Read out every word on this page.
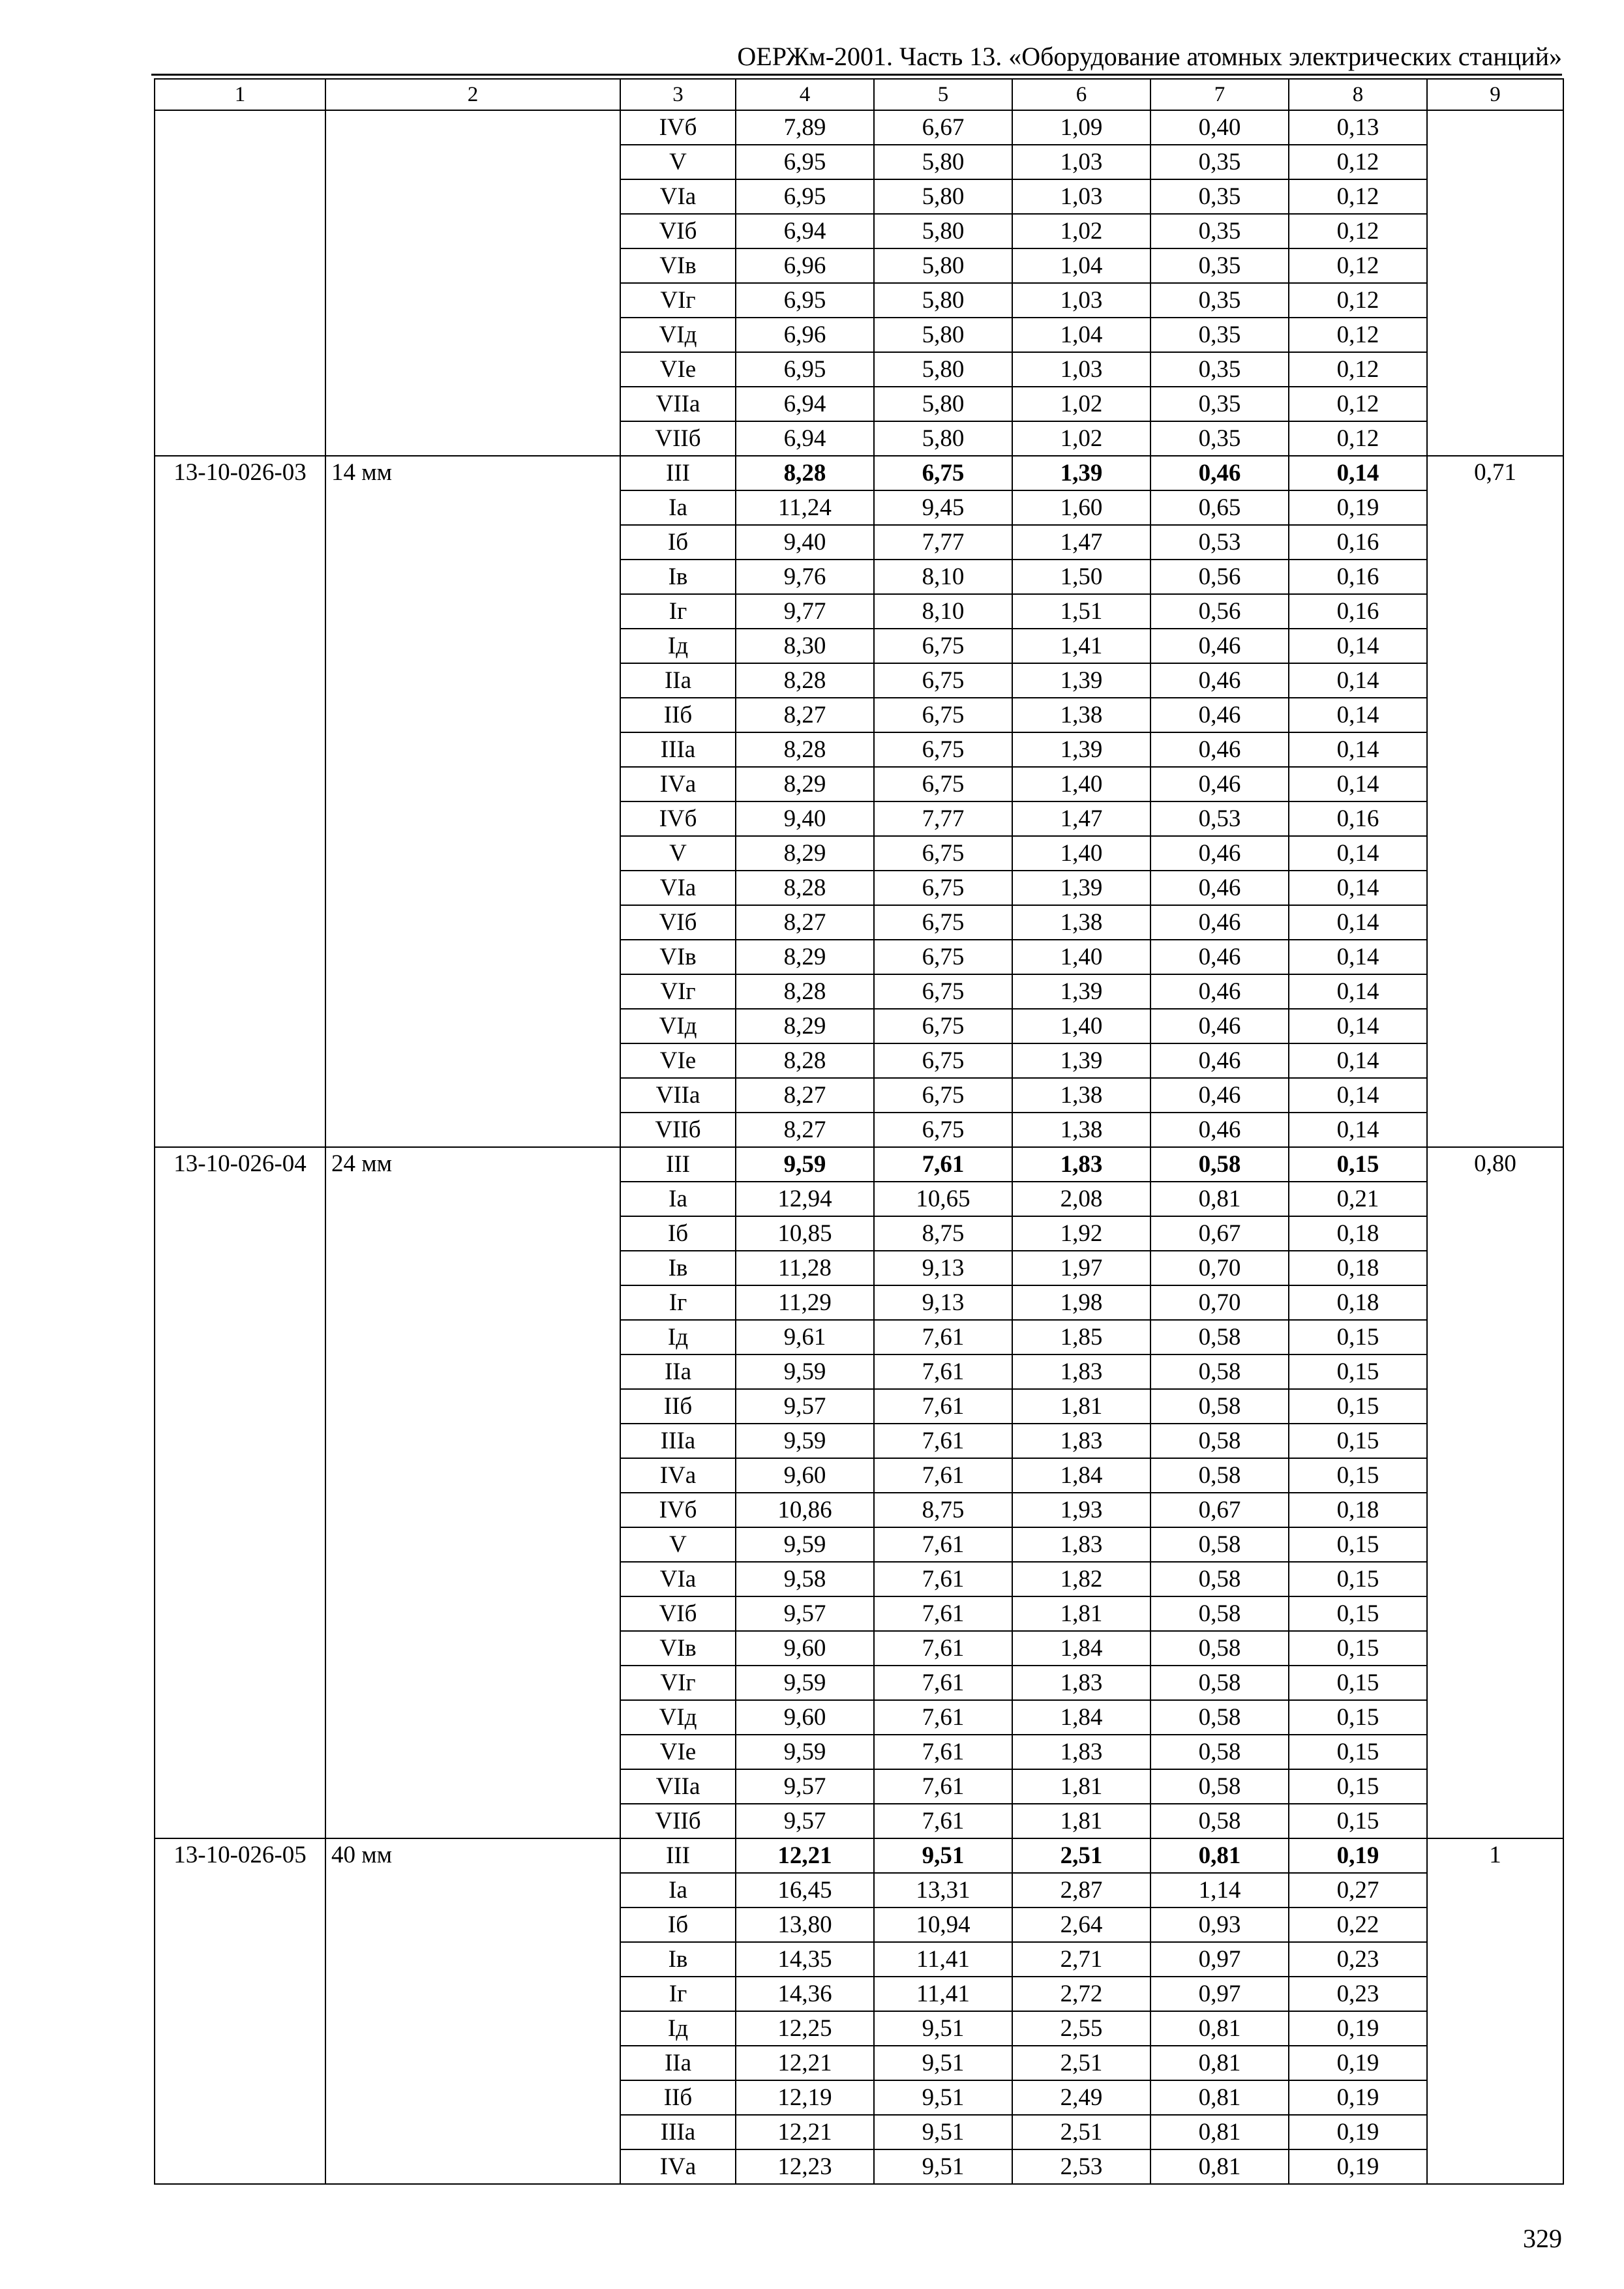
ОЕРЖм-2001. Часть 13. «Оборудование атомных электрических станций»
1	2	3	4	5	6	7	8	9
		IVб	7,89	6,67	1,09	0,40	0,13	
		V	6,95	5,80	1,03	0,35	0,12	
		VIа	6,95	5,80	1,03	0,35	0,12	
		VIб	6,94	5,80	1,02	0,35	0,12	
		VIв	6,96	5,80	1,04	0,35	0,12	
		VIг	6,95	5,80	1,03	0,35	0,12	
		VIд	6,96	5,80	1,04	0,35	0,12	
		VIе	6,95	5,80	1,03	0,35	0,12	
		VIIа	6,94	5,80	1,02	0,35	0,12	
		VIIб	6,94	5,80	1,02	0,35	0,12	
13-10-026-03	14 мм	III	8,28	6,75	1,39	0,46	0,14	0,71
		Iа	11,24	9,45	1,60	0,65	0,19	
		Iб	9,40	7,77	1,47	0,53	0,16	
		Iв	9,76	8,10	1,50	0,56	0,16	
		Iг	9,77	8,10	1,51	0,56	0,16	
		Iд	8,30	6,75	1,41	0,46	0,14	
		IIа	8,28	6,75	1,39	0,46	0,14	
		IIб	8,27	6,75	1,38	0,46	0,14	
		IIIа	8,28	6,75	1,39	0,46	0,14	
		IVа	8,29	6,75	1,40	0,46	0,14	
		IVб	9,40	7,77	1,47	0,53	0,16	
		V	8,29	6,75	1,40	0,46	0,14	
		VIа	8,28	6,75	1,39	0,46	0,14	
		VIб	8,27	6,75	1,38	0,46	0,14	
		VIв	8,29	6,75	1,40	0,46	0,14	
		VIг	8,28	6,75	1,39	0,46	0,14	
		VIд	8,29	6,75	1,40	0,46	0,14	
		VIе	8,28	6,75	1,39	0,46	0,14	
		VIIа	8,27	6,75	1,38	0,46	0,14	
		VIIб	8,27	6,75	1,38	0,46	0,14	
13-10-026-04	24 мм	III	9,59	7,61	1,83	0,58	0,15	0,80
		Iа	12,94	10,65	2,08	0,81	0,21	
		Iб	10,85	8,75	1,92	0,67	0,18	
		Iв	11,28	9,13	1,97	0,70	0,18	
		Iг	11,29	9,13	1,98	0,70	0,18	
		Iд	9,61	7,61	1,85	0,58	0,15	
		IIа	9,59	7,61	1,83	0,58	0,15	
		IIб	9,57	7,61	1,81	0,58	0,15	
		IIIа	9,59	7,61	1,83	0,58	0,15	
		IVа	9,60	7,61	1,84	0,58	0,15	
		IVб	10,86	8,75	1,93	0,67	0,18	
		V	9,59	7,61	1,83	0,58	0,15	
		VIа	9,58	7,61	1,82	0,58	0,15	
		VIб	9,57	7,61	1,81	0,58	0,15	
		VIв	9,60	7,61	1,84	0,58	0,15	
		VIг	9,59	7,61	1,83	0,58	0,15	
		VIд	9,60	7,61	1,84	0,58	0,15	
		VIе	9,59	7,61	1,83	0,58	0,15	
		VIIа	9,57	7,61	1,81	0,58	0,15	
		VIIб	9,57	7,61	1,81	0,58	0,15	
13-10-026-05	40 мм	III	12,21	9,51	2,51	0,81	0,19	1
		Iа	16,45	13,31	2,87	1,14	0,27	
		Iб	13,80	10,94	2,64	0,93	0,22	
		Iв	14,35	11,41	2,71	0,97	0,23	
		Iг	14,36	11,41	2,72	0,97	0,23	
		Iд	12,25	9,51	2,55	0,81	0,19	
		IIа	12,21	9,51	2,51	0,81	0,19	
		IIб	12,19	9,51	2,49	0,81	0,19	
		IIIа	12,21	9,51	2,51	0,81	0,19	
		IVа	12,23	9,51	2,53	0,81	0,19	
329
